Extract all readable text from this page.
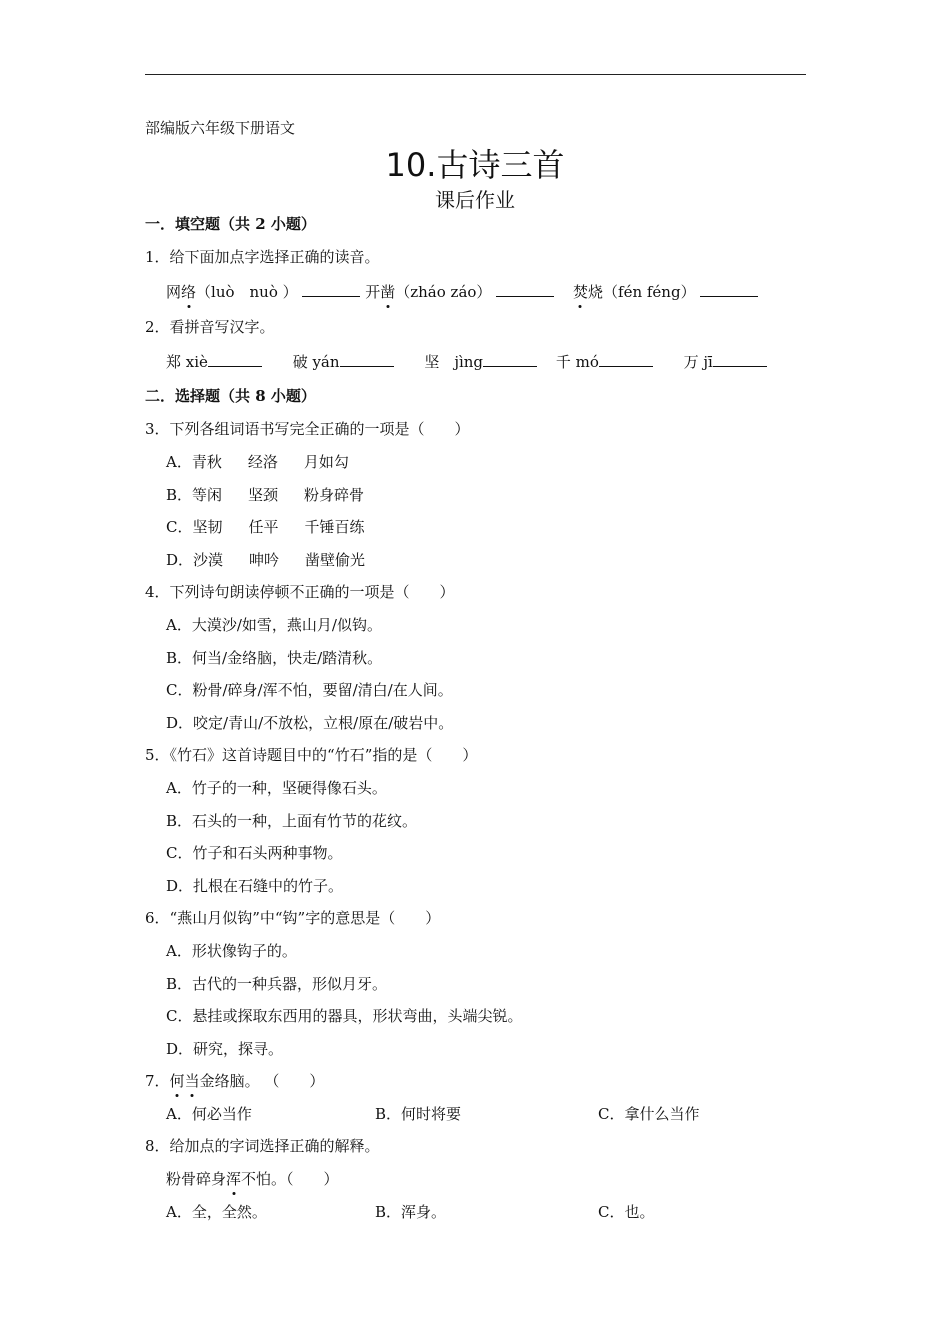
部编版六年级下册语文
10.古诗三首
课后作业
一．填空题（共 2 小题）
1．给下面加点字选择正确的读音。
网络（luò　nuò ）	开凿（zháo záo）	焚烧（fén féng）
2．看拼音写汉字。
郑 xiè	破 yán	坚　jìng	千 mó	万 jī
二．选择题（共 8 小题）
3．下列各组词语书写完全正确的一项是（　　）
A．青秋 经洛 月如勾
B．等闲 坚颈 粉身碎骨
C．坚韧 任平 千锤百练
D．沙漠 呻吟 凿壁偷光
4．下列诗句朗读停顿不正确的一项是（　　）
A．大漠沙/如雪，燕山月/似钩。
B．何当/金络脑，快走/踏清秋。
C．粉骨/碎身/浑不怕，要留/清白/在人间。
D．咬定/青山/不放松，立根/原在/破岩中。
5．《竹石》这首诗题目中的“竹石”指的是（　　）
A．竹子的一种，坚硬得像石头。
B．石头的一种，上面有竹节的花纹。
C．竹子和石头两种事物。
D．扎根在石缝中的竹子。
6．“燕山月似钩”中“钩”字的意思是（　　）
A．形状像钩子的。
B．古代的一种兵器，形似月牙。
C．悬挂或探取东西用的器具，形状弯曲，头端尖锐。
D．研究，探寻。
7．何当金络脑。 （　　）
A．何必当作	B．何时将要	C．拿什么当作
8．给加点的字词选择正确的解释。
粉骨碎身浑不怕。（　　）
A．全，全然。	B．浑身。	C．也。
